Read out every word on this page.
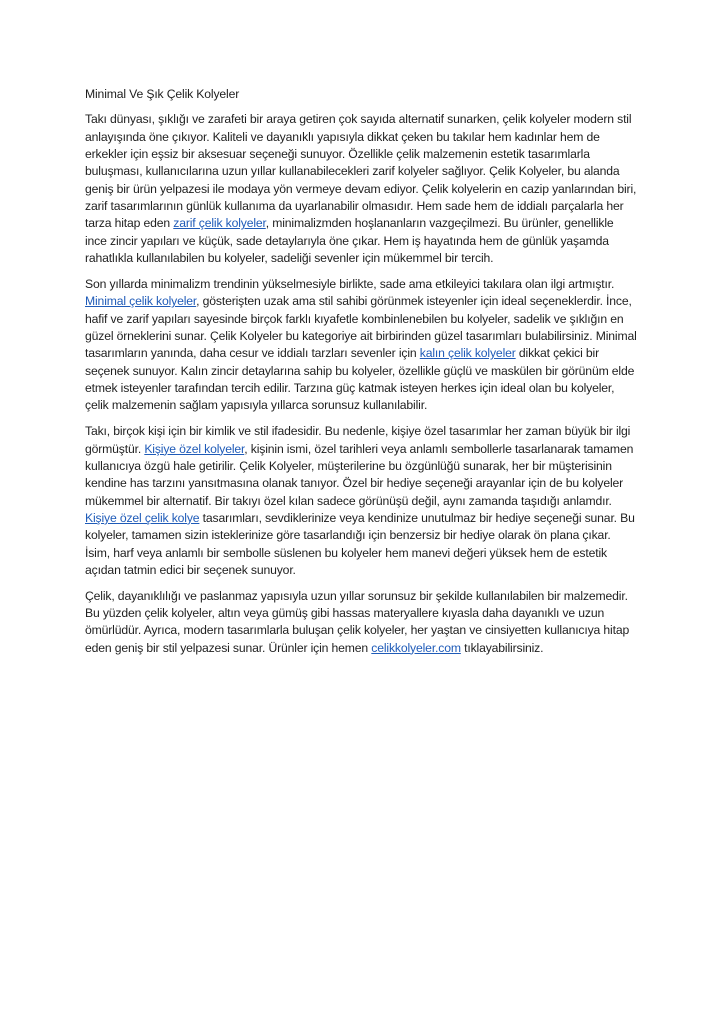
Minimal Ve Şık Çelik Kolyeler

Takı dünyası, şıklığı ve zarafeti bir araya getiren çok sayıda alternatif sunarken, çelik kolyeler modern stil anlayışında öne çıkıyor. Kaliteli ve dayanıklı yapısıyla dikkat çeken bu takılar hem kadınlar hem de erkekler için eşsiz bir aksesuar seçeneği sunuyor. Özellikle çelik malzemenin estetik tasarımlarla buluşması, kullanıcılarına uzun yıllar kullanabilecekleri zarif kolyeler sağlıyor. Çelik Kolyeler, bu alanda geniş bir ürün yelpazesi ile modaya yön vermeye devam ediyor. Çelik kolyelerin en cazip yanlarından biri, zarif tasarımlarının günlük kullanıma da uyarlanabilir olmasıdır. Hem sade hem de iddialı parçalarla her tarza hitap eden zarif çelik kolyeler, minimalizmden hoşlananların vazgeçilmezi. Bu ürünler, genellikle ince zincir yapıları ve küçük, sade detaylarıyla öne çıkar. Hem iş hayatında hem de günlük yaşamda rahatlıkla kullanılabilen bu kolyeler, sadeliği sevenler için mükemmel bir tercih.

Son yıllarda minimalizm trendinin yükselmesiyle birlikte, sade ama etkileyici takılara olan ilgi artmıştır. Minimal çelik kolyeler, gösterişten uzak ama stil sahibi görünmek isteyenler için ideal seçeneklerdir. İnce, hafif ve zarif yapıları sayesinde birçok farklı kıyafetle kombinlenebilen bu kolyeler, sadelik ve şıklığın en güzel örneklerini sunar. Çelik Kolyeler bu kategoriye ait birbirinden güzel tasarımları bulabilirsiniz. Minimal tasarımların yanında, daha cesur ve iddialı tarzları sevenler için kalın çelik kolyeler dikkat çekici bir seçenek sunuyor. Kalın zincir detaylarına sahip bu kolyeler, özellikle güçlü ve maskülen bir görünüm elde etmek isteyenler tarafından tercih edilir. Tarzına güç katmak isteyen herkes için ideal olan bu kolyeler, çelik malzemenin sağlam yapısıyla yıllarca sorunsuz kullanılabilir.

Takı, birçok kişi için bir kimlik ve stil ifadesidir. Bu nedenle, kişiye özel tasarımlar her zaman büyük bir ilgi görmüştür. Kişiye özel kolyeler, kişinin ismi, özel tarihleri veya anlamlı sembollerle tasarlanarak tamamen kullanıcıya özgü hale getirilir. Çelik Kolyeler, müşterilerine bu özgünlüğü sunarak, her bir müşterisinin kendine has tarzını yansıtmasına olanak tanıyor. Özel bir hediye seçeneği arayanlar için de bu kolyeler mükemmel bir alternatif. Bir takıyı özel kılan sadece görünüşü değil, aynı zamanda taşıdığı anlamdır. Kişiye özel çelik kolye tasarımları, sevdiklerinize veya kendinize unutulmaz bir hediye seçeneği sunar. Bu kolyeler, tamamen sizin isteklerinize göre tasarlandığı için benzersiz bir hediye olarak ön plana çıkar. İsim, harf veya anlamlı bir sembolle süslenen bu kolyeler hem manevi değeri yüksek hem de estetik açıdan tatmin edici bir seçenek sunuyor.

Çelik, dayanıklılığı ve paslanmaz yapısıyla uzun yıllar sorunsuz bir şekilde kullanılabilen bir malzemedir. Bu yüzden çelik kolyeler, altın veya gümüş gibi hassas materyallere kıyasla daha dayanıklı ve uzun ömürlüdür. Ayrıca, modern tasarımlarla buluşan çelik kolyeler, her yaştan ve cinsiyetten kullanıcıya hitap eden geniş bir stil yelpazesi sunar. Ürünler için hemen celikkolyeler.com tıklayabilirsiniz.
